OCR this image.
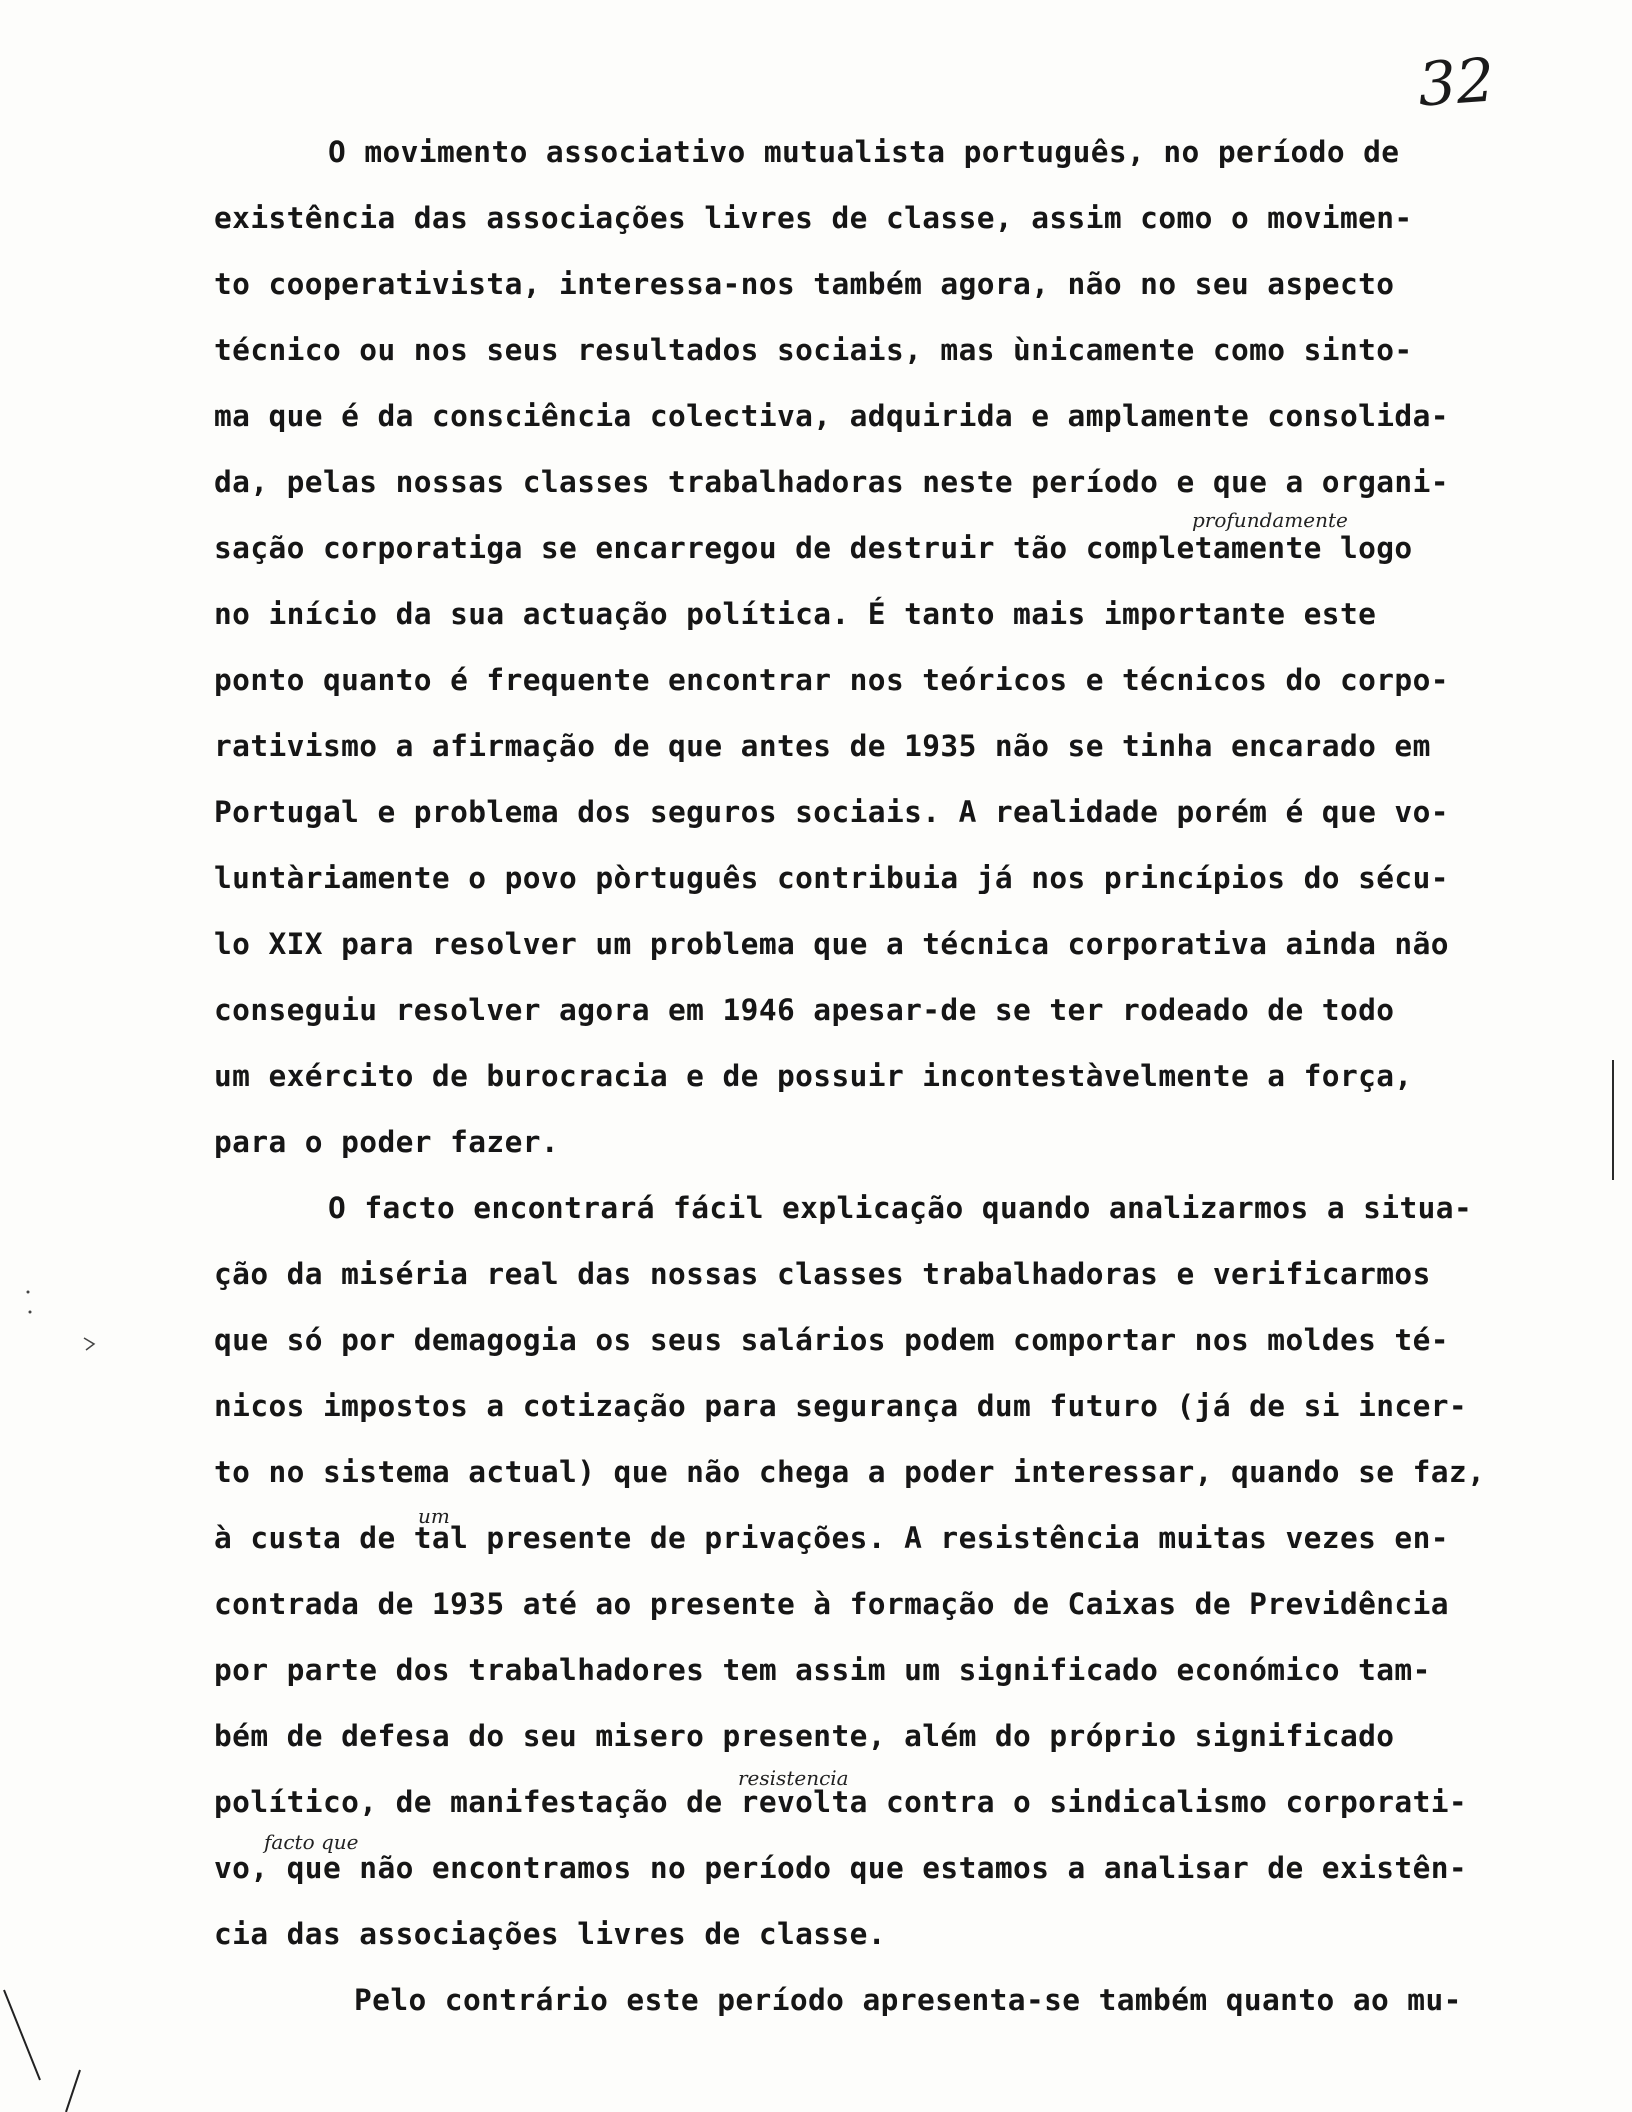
32
O movimento associativo mutualista português, no período de
existência das associações livres de classe, assim como o movimen-
to cooperativista, interessa-nos também agora, não no seu aspecto
técnico ou nos seus resultados sociais, mas ùnicamente como sinto-
ma que é da consciência colectiva, adquirida e amplamente consolida-
da, pelas nossas classes trabalhadoras neste período e que a organi-
sação corporatiga se encarregou de destruir tão completamente logo
no início da sua actuação política. É tanto mais importante este
ponto quanto é frequente encontrar nos teóricos e técnicos do corpo-
rativismo a afirmação de que antes de 1935 não se tinha encarado em
Portugal e problema dos seguros sociais. A realidade porém é que vo-
luntàriamente o povo pòrtuguês contribuia já nos princípios do sécu-
lo XIX para resolver um problema que a técnica corporativa ainda não
conseguiu resolver agora em 1946 apesar-de se ter rodeado de todo
um exército de burocracia e de possuir incontestàvelmente a força,
para o poder fazer.
O facto encontrará fácil explicação quando analizarmos a situa-
ção da miséria real das nossas classes trabalhadoras e verificarmos
que só por demagogia os seus salários podem comportar nos moldes té-
nicos impostos a cotização para segurança dum futuro (já de si incer-
to no sistema actual) que não chega a poder interessar, quando se faz,
à custa de tal presente de privações. A resistência muitas vezes en-
contrada de 1935 até ao presente à formação de Caixas de Previdência
por parte dos trabalhadores tem assim um significado económico tam-
bém de defesa do seu misero presente, além do próprio significado
político, de manifestação de revolta contra o sindicalismo corporati-
vo, que não encontramos no período que estamos a analisar de existên-
cia das associações livres de classe.
Pelo contrário este período apresenta-se também quanto ao mu-
profundamente
um
resistencia
facto que
